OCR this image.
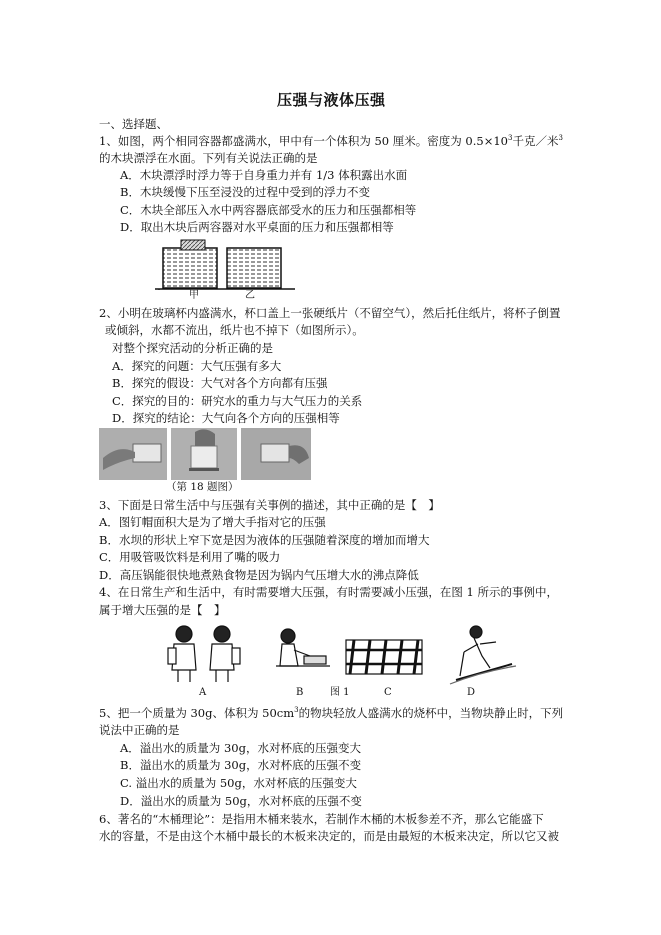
压强与液体压强
一、选择题、
1、如图，两个相同容器都盛满水，甲中有一个体积为 50 厘米。密度为 $0.5\times 10^3$千克／米$^3$
的木块漂浮在水面。下列有关说法正确的是
A．木块漂浮时浮力等于自身重力并有 1/3 体积露出水面
B．木块缓慢下压至浸没的过程中受到的浮力不变
C．木块全部压入水中两容器底部受水的压力和压强都相等
D．取出木块后两容器对水平桌面的压力和压强都相等
甲	乙
2、小明在玻璃杯内盛满水，杯口盖上一张硬纸片（不留空气），然后托住纸片，将杯子倒置
或倾斜，水都不流出，纸片也不掉下（如图所示）。
对整个探究活动的分析正确的是
A．探究的问题：大气压强有多大
B．探究的假设：大气对各个方向都有压强
C．探究的目的：研究水的重力与大气压力的关系
D．探究的结论：大气向各个方向的压强相等
（第 18 题图）
3、下面是日常生活中与压强有关事例的描述，其中正确的是【　】
A．图钉帽面积大是为了增大手指对它的压强
B．水坝的形状上窄下宽是因为液体的压强随着深度的增加而增大
C．用吸管吸饮料是利用了嘴的吸力
D．高压锅能很快地煮熟食物是因为锅内气压增大水的沸点降低
4、在日常生产和生活中，有时需要增大压强，有时需要减小压强，在图 1 所示的事例中，
属于增大压强的是【　】
A	B	图 1	C	D
5、把一个质量为 30g、体积为 $50cm^3$的物块轻放人盛满水的烧杯中，当物块静止时，下列
说法中正确的是
A．溢出水的质量为 30g，水对杯底的压强变大
B．溢出水的质量为 30g，水对杯底的压强不变
C. 溢出水的质量为 50g，水对杯底的压强变大
D．溢出水的质量为 50g，水对杯底的压强不变
6、著名的“木桶理论”：是指用木桶来装水，若制作木桶的木板参差不齐，那么它能盛下
水的容量，不是由这个木桶中最长的木板来决定的，而是由最短的木板来决定，所以它又被
